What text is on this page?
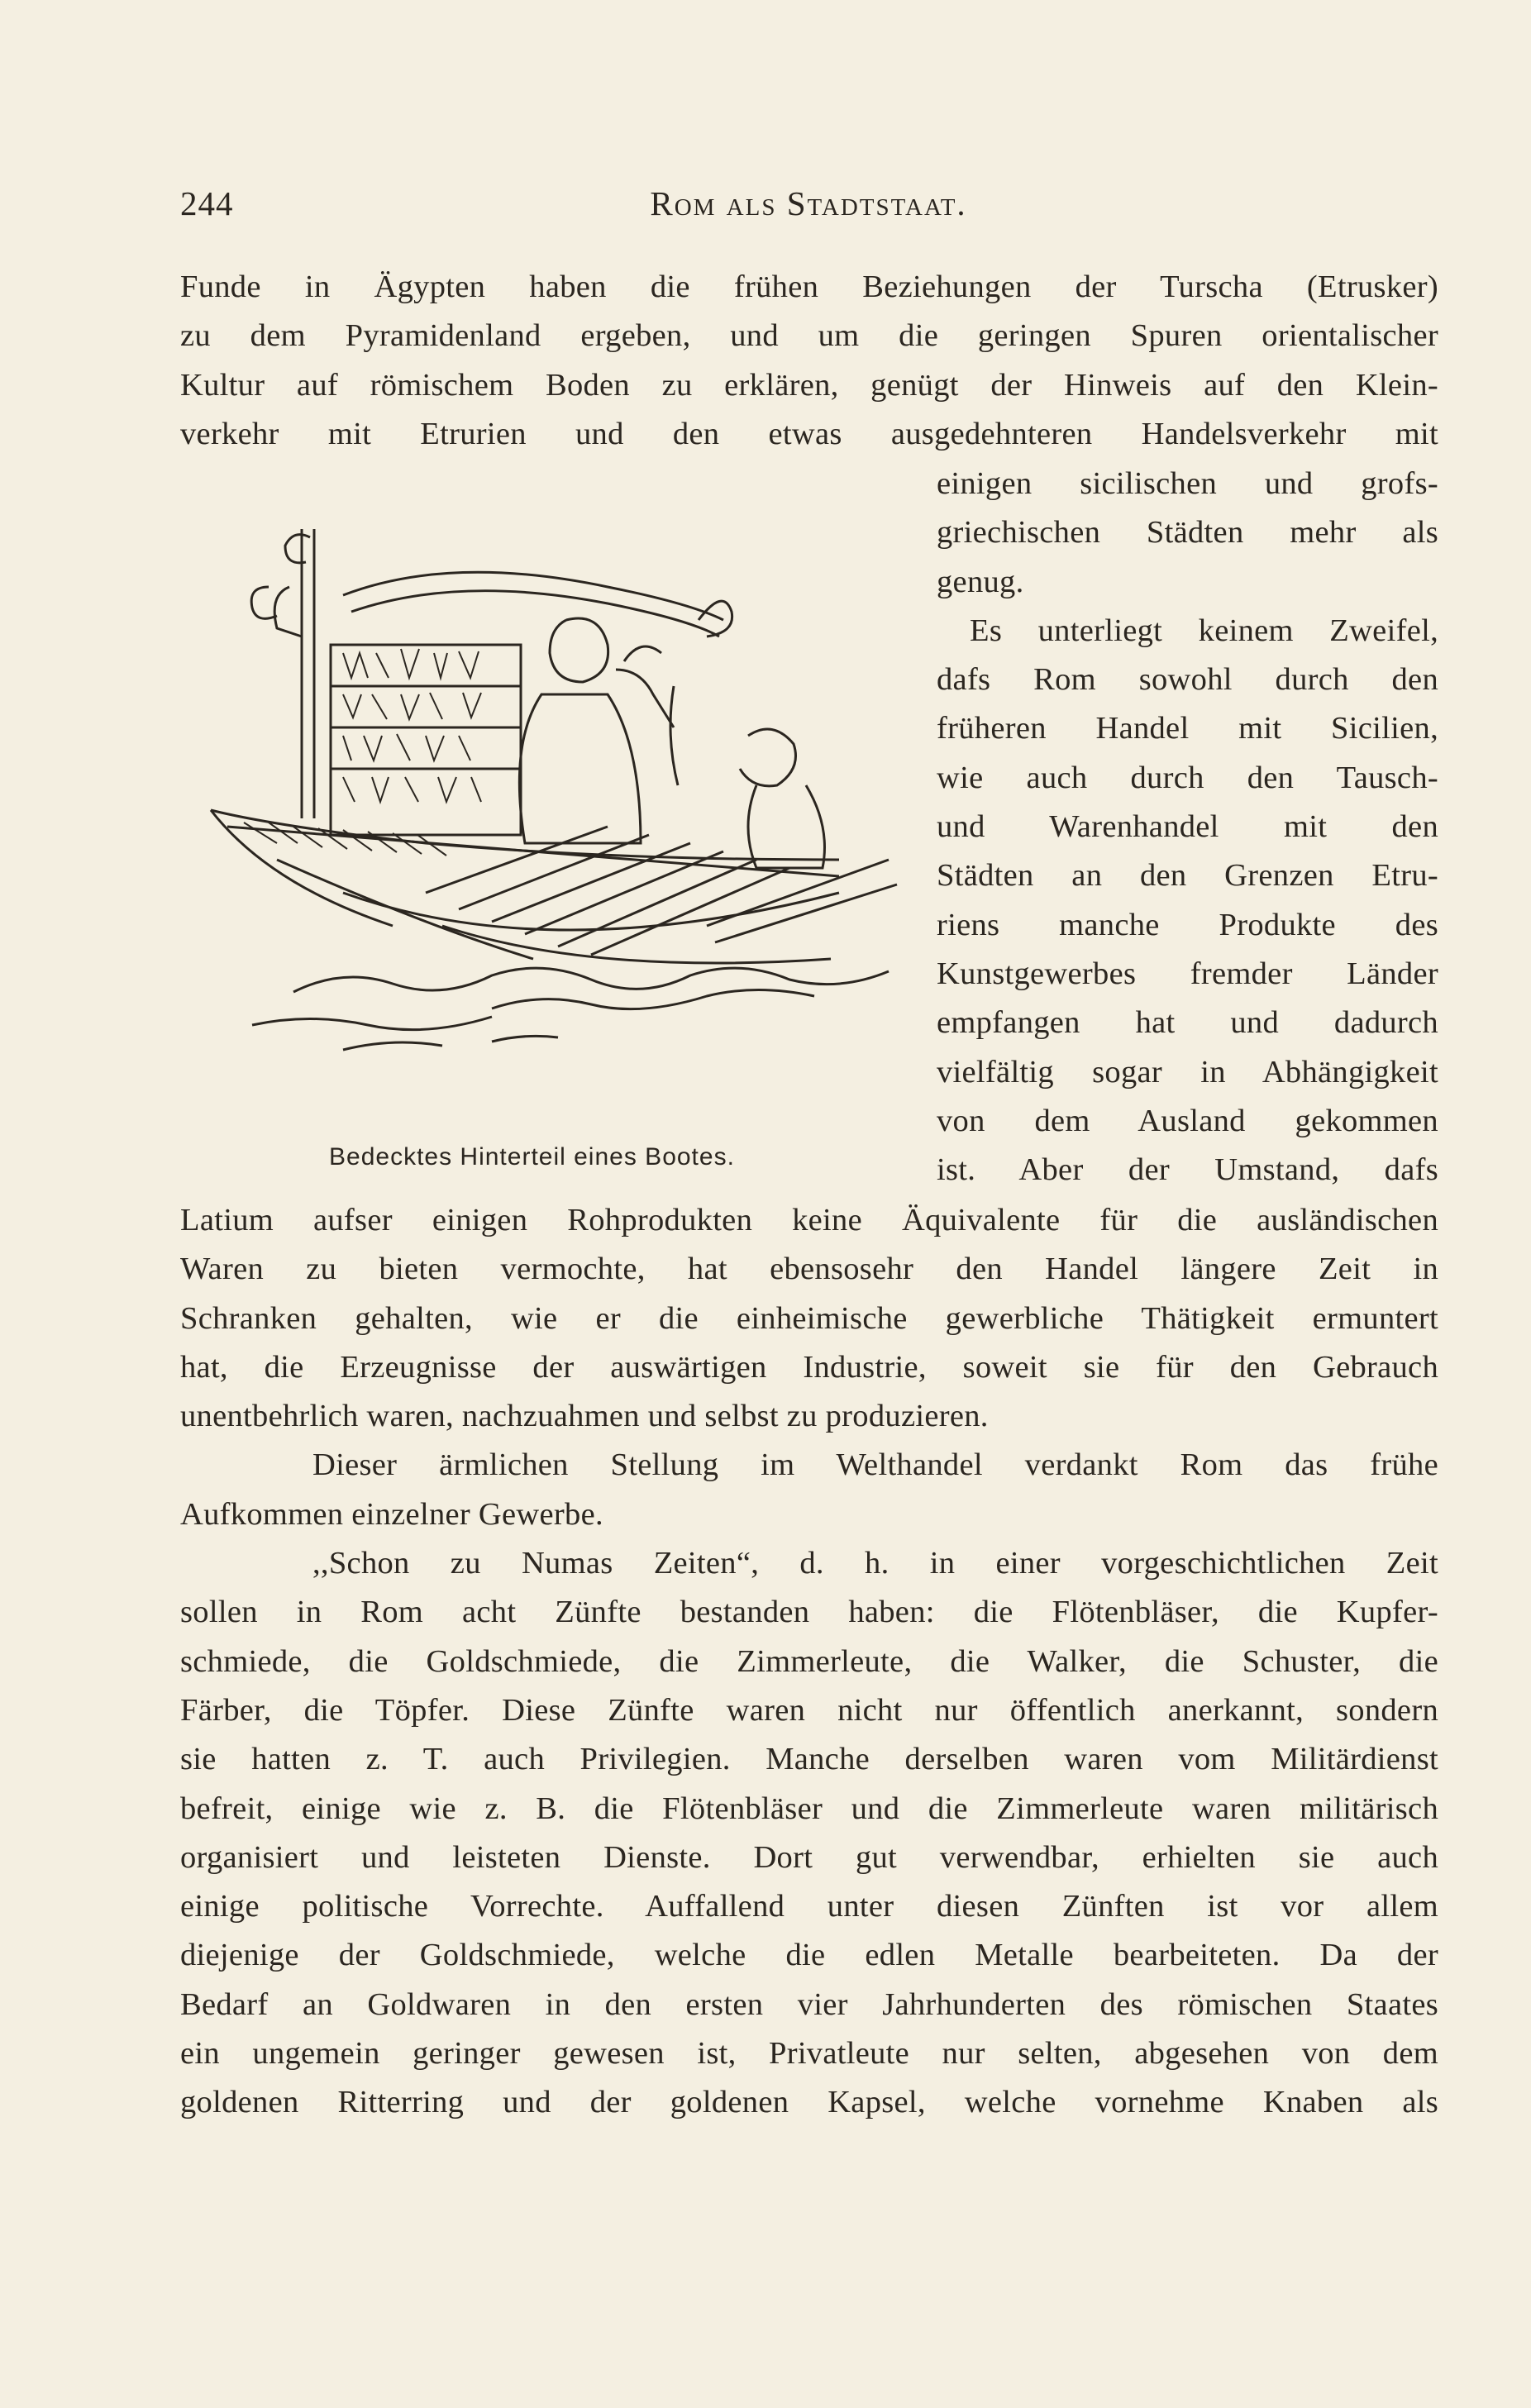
244	Rom als Stadtstaat.
Funde in Ägypten haben die frühen Beziehungen der Turscha (Etrusker)
zu dem Pyramidenland ergeben, und um die geringen Spuren orientalischer
Kultur auf römischem Boden zu erklären, genügt der Hinweis auf den Klein-
verkehr mit Etrurien und den etwas ausgedehnteren Handelsverkehr mit
Bedecktes Hinterteil eines Bootes.
einigen sicilischen und grofs-
griechischen Städten mehr als
genug.
Es unterliegt keinem Zweifel,
dafs Rom sowohl durch den
früheren Handel mit Sicilien,
wie auch durch den Tausch-
und Warenhandel mit den
Städten an den Grenzen Etru-
riens manche Produkte des
Kunstgewerbes fremder Länder
empfangen hat und dadurch
vielfältig sogar in Abhängigkeit
von dem Ausland gekommen
ist. Aber der Umstand, dafs
Latium aufser einigen Rohprodukten keine Äquivalente für die ausländischen
Waren zu bieten vermochte, hat ebensosehr den Handel längere Zeit in
Schranken gehalten, wie er die einheimische gewerbliche Thätigkeit ermuntert
hat, die Erzeugnisse der auswärtigen Industrie, soweit sie für den Gebrauch
unentbehrlich waren, nachzuahmen und selbst zu produzieren.
Dieser ärmlichen Stellung im Welthandel verdankt Rom das frühe
Aufkommen einzelner Gewerbe.
,,Schon zu Numas Zeiten“, d. h. in einer vorgeschichtlichen Zeit
sollen in Rom acht Zünfte bestanden haben: die Flötenbläser, die Kupfer-
schmiede, die Goldschmiede, die Zimmerleute, die Walker, die Schuster, die
Färber, die Töpfer. Diese Zünfte waren nicht nur öffentlich anerkannt, sondern
sie hatten z. T. auch Privilegien. Manche derselben waren vom Militärdienst
befreit, einige wie z. B. die Flötenbläser und die Zimmerleute waren militärisch
organisiert und leisteten Dienste. Dort gut verwendbar, erhielten sie auch
einige politische Vorrechte. Auffallend unter diesen Zünften ist vor allem
diejenige der Goldschmiede, welche die edlen Metalle bearbeiteten. Da der
Bedarf an Goldwaren in den ersten vier Jahrhunderten des römischen Staates
ein ungemein geringer gewesen ist, Privatleute nur selten, abgesehen von dem
goldenen Ritterring und der goldenen Kapsel, welche vornehme Knaben als
